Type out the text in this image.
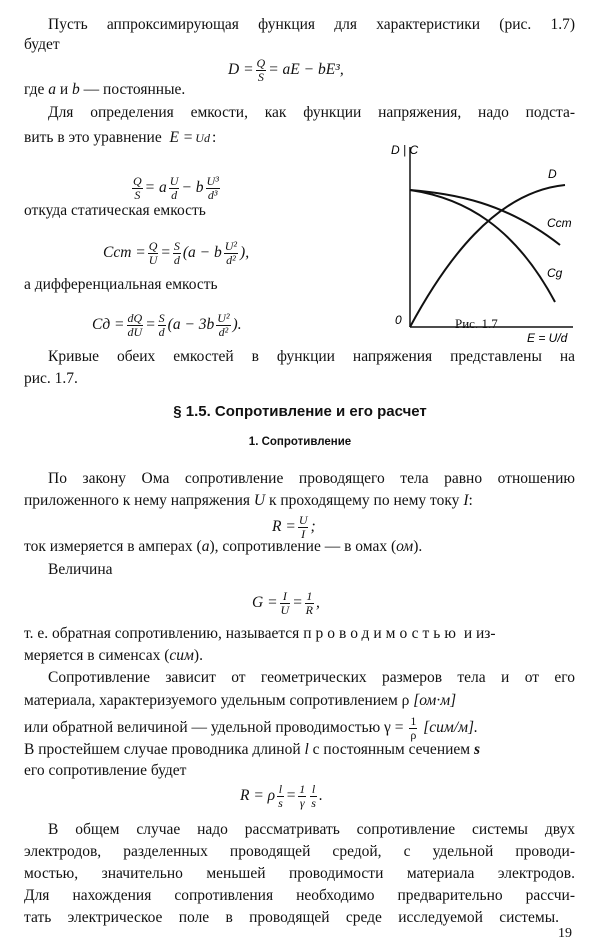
Пусть аппроксимирующая функция для характеристики (рис. 1.7)
будет
$D = \frac{Q}{S}$ = aE − bE³,
где a и b — постоянные.
Для определения емкости, как функции напряжения, надо подста-
вить в это уравнение E = Ud :
$\frac{Q}{S} = a \frac{U}{d} - b \frac{\text{U³}}{\text{d³}}$
откуда статическая емкость
Cст = $\frac{Q}{U} = \frac{S}{d} (a - b \frac{\text{U²}}{\text{d²}}$ ),
а дифференциальная емкость
Cд = $\frac{dQ}{dU} = \frac{S}{d} (a - 3b \frac{\text{U²}}{\text{d²}}$ ).
D | C
0
E = U/d
D
Cст
Cg
Рис. 1.7
Кривые обеих емкостей в функции напряжения представлены на
рис. 1.7.
§ 1.5. Сопротивление и его расчет
1. Сопротивление
По закону Ома сопротивление проводящего тела равно отношению
приложенного к нему напряжения U к проходящему по нему току I:
$R = \frac{U}{I}$ ;
ток измеряется в амперах (а), сопротивление — в омах (ом).
Величина
$G = \frac{I}{U} = \frac{1}{R}$ ,
т. е. обратная сопротивлению, называется проводимостью и из-
меряется в сименсах (сим).
Сопротивление зависит от геометрических размеров тела и от его
материала, характеризуемого удельным сопротивлением ρ [ом·м]
или обратной величиной — удельной проводимостью $\gamma = \frac{1}{\rho} [сим/м]$.
В простейшем случае проводника длиной l с постоянным сечением s
его сопротивление будет
R = ρ $\frac{l}{s} = \frac{1}{\gamma} \frac{l}{s}$ .
В общем случае надо рассматривать сопротивление системы двух
электродов, разделенных проводящей средой, с удельной проводи-
мостью, значительно меньшей проводимости материала электродов.
Для нахождения сопротивления необходимо предварительно рассчи-
тать электрическое поле в проводящей среде исследуемой системы.
19
